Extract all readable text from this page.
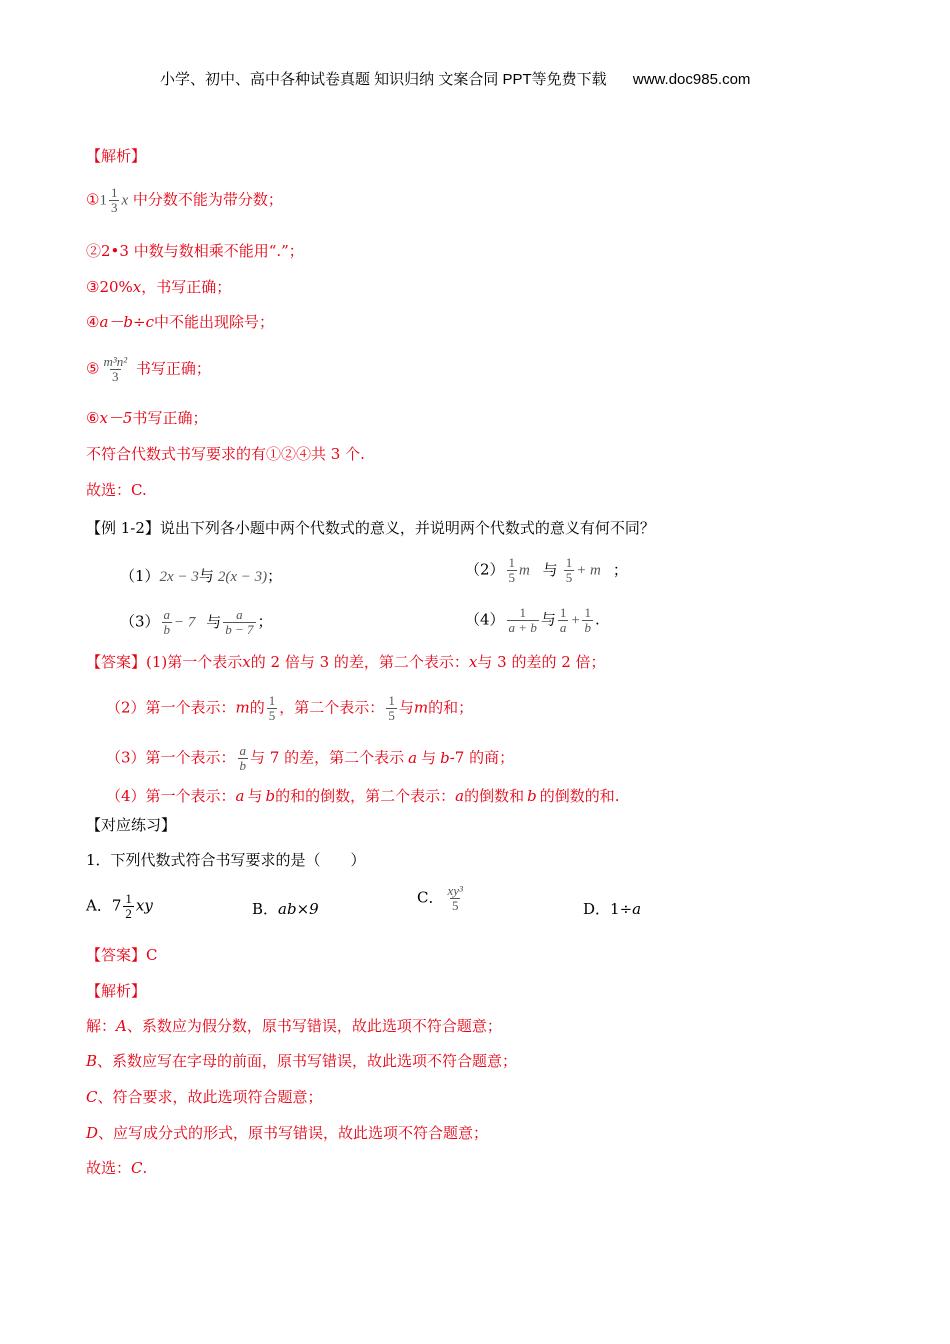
小学、初中、高中各种试卷真题 知识归纳 文案合同 PPT等免费下载 www.doc985.com
【解析】
①1 $\frac{1}{3}$ x 中分数不能为带分数；
②2•3 中数与数相乘不能用“.”；
③20%x，书写正确；
④a－b÷c中不能出现除号；
⑤ $\frac{\text{m³n²}}{3}$ 书写正确；
⑥x－5书写正确；
不符合代数式书写要求的有①②④共 3 个.
故选：C.
【例 1-2】说出下列各小题中两个代数式的意义，并说明两个代数式的意义有何不同？
（1）2x − 3与 2(x − 3)；	$(2) \frac{1}{5}$ m 与 $\frac{1}{5} + m$ ；
$(3) \frac{a}{b} - 7$ 与 $\frac{a}{b - 7}$ ；	$(4) \frac{1}{a + b}$ 与 $\frac{1}{a} + \frac{1}{b}$ .
【答案】(1)第一个表示x的 2 倍与 3 的差，第二个表示：x与 3 的差的 2 倍；
（2）第一个表示：m的 $\frac{1}{5}$ ，第二个表示： $\frac{1}{5}$ 与m的和；
（3）第一个表示： $\frac{a}{b}$ 与 7 的差，第二个表示 a 与 b-7 的商；
（4）第一个表示：a 与 b的和的倒数，第二个表示：a的倒数和 b 的倒数的和.
【对应练习】
1．下列代数式符合书写要求的是（　　）
A．$7 \frac{1}{2}$ xy	B．ab×9
C． $\frac{\text{xy³}}{5}$	D．1÷a
【答案】C
【解析】
解：A、系数应为假分数，原书写错误，故此选项不符合题意；
B、系数应写在字母的前面，原书写错误，故此选项不符合题意；
C、符合要求，故此选项符合题意；
D、应写成分式的形式，原书写错误，故此选项不符合题意；
故选：C.
